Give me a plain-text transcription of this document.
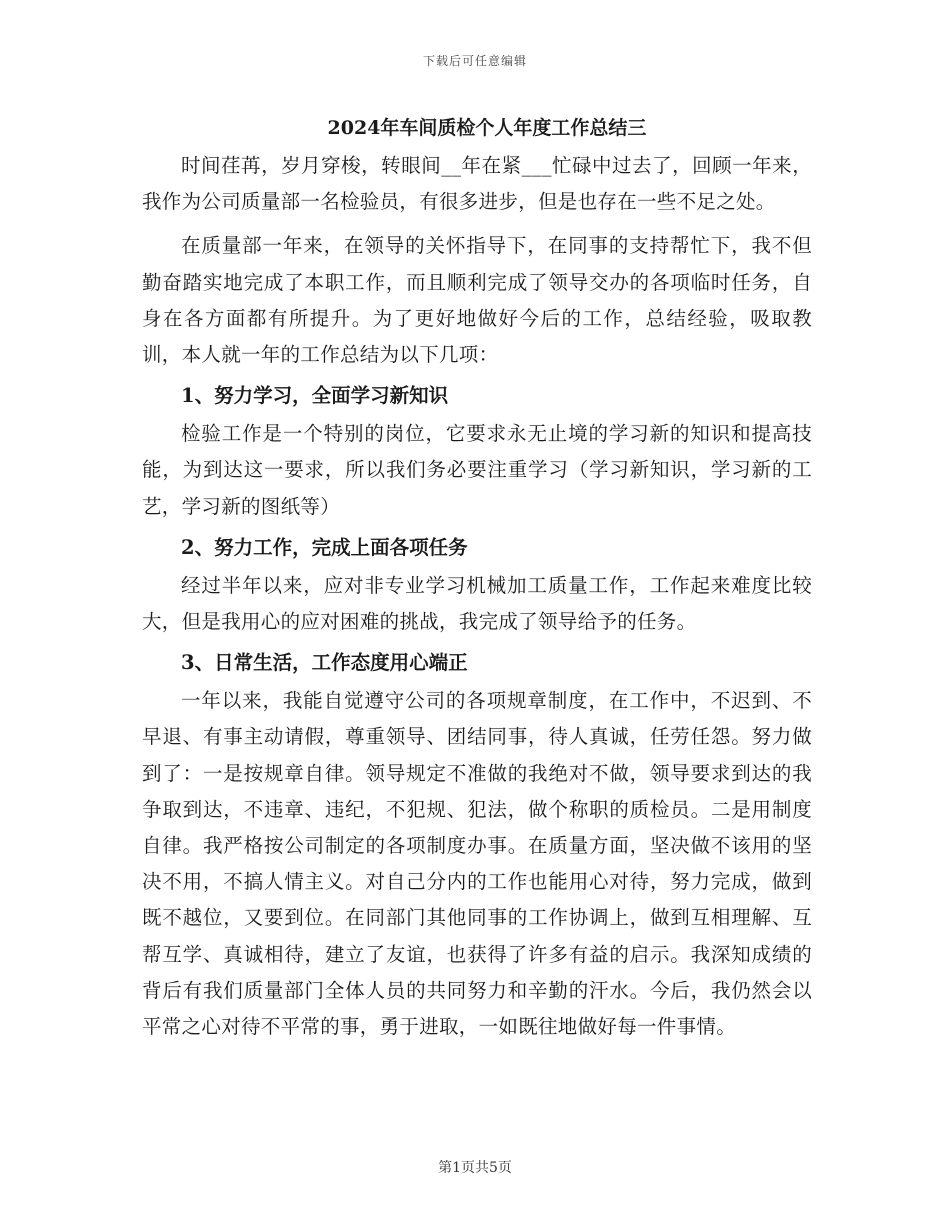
下载后可任意编辑
2024年车间质检个人年度工作总结三

时间荏苒，岁月穿梭，转眼间__年在紧___忙碌中过去了，回顾一年来，我作为公司质量部一名检验员，有很多进步，但是也存在一些不足之处。

在质量部一年来，在领导的关怀指导下，在同事的支持帮忙下，我不但勤奋踏实地完成了本职工作，而且顺利完成了领导交办的各项临时任务，自身在各方面都有所提升。为了更好地做好今后的工作，总结经验，吸取教训，本人就一年的工作总结为以下几项：

1、努力学习，全面学习新知识

检验工作是一个特别的岗位，它要求永无止境的学习新的知识和提高技能，为到达这一要求，所以我们务必要注重学习（学习新知识，学习新的工艺，学习新的图纸等）

2、努力工作，完成上面各项任务

经过半年以来，应对非专业学习机械加工质量工作，工作起来难度比较大，但是我用心的应对困难的挑战，我完成了领导给予的任务。

3、日常生活，工作态度用心端正

一年以来，我能自觉遵守公司的各项规章制度，在工作中，不迟到、不早退、有事主动请假，尊重领导、团结同事，待人真诚，任劳任怨。努力做到了：一是按规章自律。领导规定不准做的我绝对不做，领导要求到达的我争取到达，不违章、违纪，不犯规、犯法，做个称职的质检员。二是用制度自律。我严格按公司制定的各项制度办事。在质量方面，坚决做不该用的坚决不用，不搞人情主义。对自己分内的工作也能用心对待，努力完成，做到既不越位，又要到位。在同部门其他同事的工作协调上，做到互相理解、互帮互学、真诚相待，建立了友谊，也获得了许多有益的启示。我深知成绩的背后有我们质量部门全体人员的共同努力和辛勤的汗水。今后，我仍然会以平常之心对待不平常的事，勇于进取，一如既往地做好每一件事情。

第1页共5页
